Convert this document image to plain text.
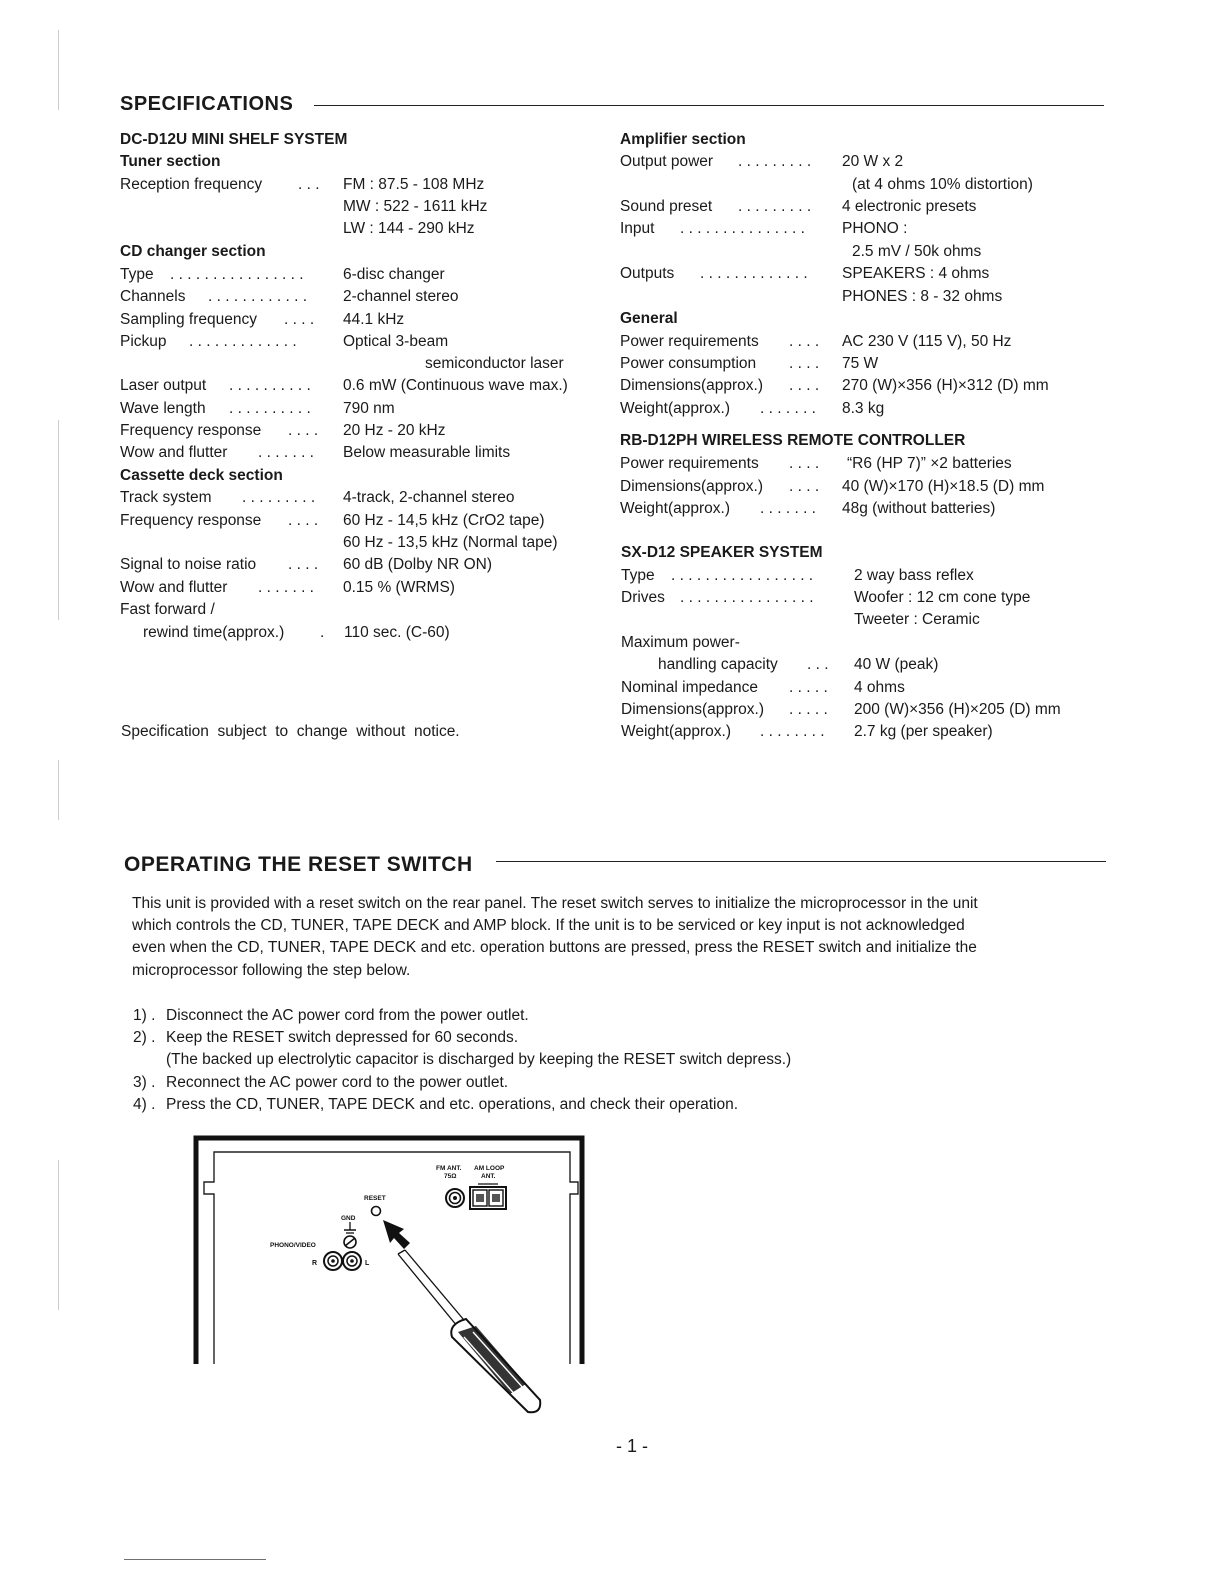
SPECIFICATIONS
DC-D12U MINI SHELF SYSTEM
Tuner section
Reception frequency . . . FM : 87.5 - 108 MHz
MW : 522 - 1611 kHz
LW : 144 - 290 kHz
CD changer section
Type . . . . . . . . . . . . . . . .	6-disc changer
Channels . . . . . . . . . . . . 2-channel stereo
Sampling frequency . . . . 44.1 kHz
Pickup . . . . . . . . . . . . .	Optical 3-beam
semiconductor laser
Laser output . . . . . . . . . . 0.6 mW (Continuous wave max.)
Wave length . . . . . . . . . . 790 nm
Frequency response . . . . 20 Hz - 20 kHz
Wow and flutter . . . . . . . Below measurable limits
Cassette deck section
Track system . . . . . . . . . 4-track, 2-channel stereo
Frequency response . . . . 60 Hz - 14,5 kHz (CrO2 tape)
60 Hz - 13,5 kHz (Normal tape)
Signal to noise ratio . . . . 60 dB (Dolby NR ON)
Wow and flutter . . . . . . . 0.15 % (WRMS)
Fast forward /
rewind time(approx.) . 110 sec. (C-60)
Specification  subject  to  change  without  notice.
Amplifier section
Output power . . . . . . . . . 20 W x 2
(at 4 ohms 10% distortion)
Sound preset . . . . . . . . . 4 electronic presets
Input . . . . . . . . . . . . . . . PHONO :
2.5 mV / 50k ohms
Outputs . . . . . . . . . . . . . SPEAKERS : 4 ohms
PHONES : 8 - 32 ohms
General
Power requirements . . . . AC 230 V (115 V), 50 Hz
Power consumption . . . . 75 W
Dimensions(approx.) . . . . 270 (W)×356 (H)×312 (D) mm
Weight(approx.) . . . . . . . 8.3 kg
RB-D12PH WIRELESS REMOTE CONTROLLER
Power requirements . . . . “R6 (HP 7)” ×2 batteries
Dimensions(approx.) . . . . 40 (W)×170 (H)×18.5 (D) mm
Weight(approx.) . . . . . . . 48g (without batteries)
SX-D12 SPEAKER SYSTEM
Type . . . . . . . . . . . . . . . . .	2 way bass reflex
Drives . . . . . . . . . . . . . . . .	Woofer : 12 cm cone type
Tweeter : Ceramic
Maximum power-
handling capacity . . . 40 W (peak)
Nominal impedance . . . . . 4 ohms
Dimensions(approx.) . . . . . 200 (W)×356 (H)×205 (D) mm
Weight(approx.) . . . . . . . . 2.7 kg (per speaker)
OPERATING THE RESET SWITCH
This unit is provided with a reset switch on the rear panel. The reset switch serves to initialize the microprocessor in the unit
which controls the CD, TUNER, TAPE DECK and AMP block. If the unit is to be serviced or key input is not acknowledged
even when the CD, TUNER, TAPE DECK and etc. operation buttons are pressed, press the RESET switch and initialize the
microprocessor following the step below.
1) . Disconnect the AC power cord from the power outlet.
2) . Keep the RESET switch depressed for 60 seconds.
(The backed up electrolytic capacitor is discharged by keeping the RESET switch depress.)
3) . Reconnect the AC power cord to the power outlet.
4) . Press the CD, TUNER, TAPE DECK and etc. operations, and check their operation.
FM ANT.
75Ω
AM LOOP
ANT.
RESET
GND
PHONO/VIDEO
R	L
- 1 -
